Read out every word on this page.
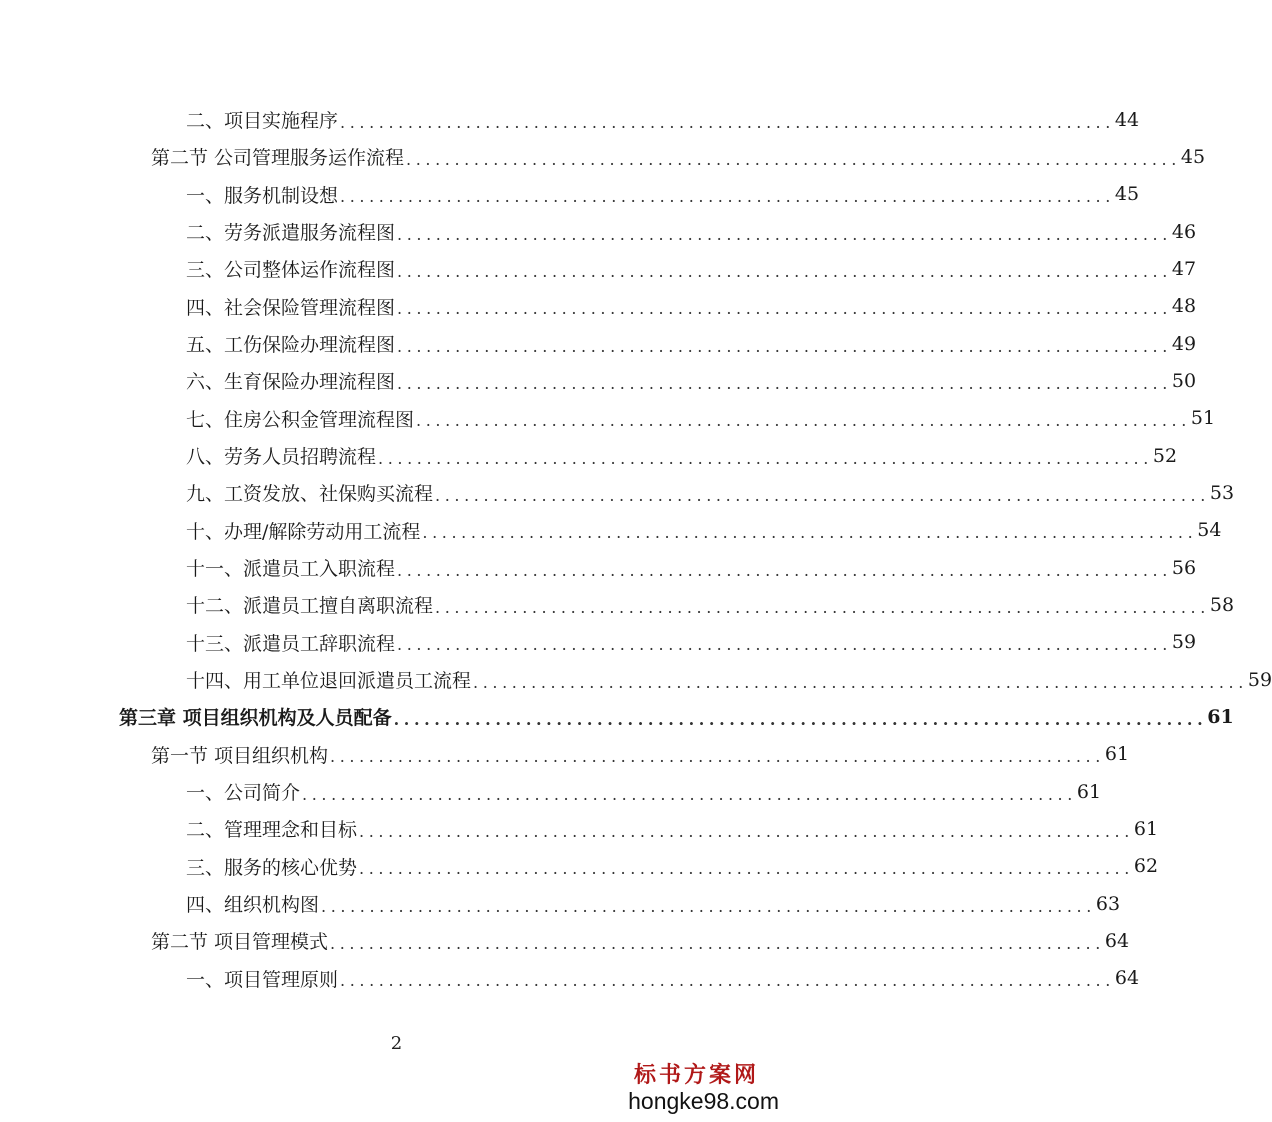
二、项目实施程序 ................................................................................ 44
第二节 公司管理服务运作流程 ................................................................................ 45
一、服务机制设想 ................................................................................ 45
二、劳务派遣服务流程图 ................................................................................ 46
三、公司整体运作流程图 ................................................................................ 47
四、社会保险管理流程图 ................................................................................ 48
五、工伤保险办理流程图 ................................................................................ 49
六、生育保险办理流程图 ................................................................................ 50
七、住房公积金管理流程图 ................................................................................ 51
八、劳务人员招聘流程 ................................................................................ 52
九、工资发放、社保购买流程 ................................................................................ 53
十、办理/解除劳动用工流程 ................................................................................ 54
十一、派遣员工入职流程 ................................................................................ 56
十二、派遣员工擅自离职流程 ................................................................................ 58
十三、派遣员工辞职流程 ................................................................................ 59
十四、用工单位退回派遣员工流程 ................................................................................ 59
第三章 项目组织机构及人员配备 ................................................................................ 61
第一节 项目组织机构 ................................................................................ 61
一、公司简介 ................................................................................ 61
二、管理理念和目标 ................................................................................ 61
三、服务的核心优势 ................................................................................ 62
四、组织机构图 ................................................................................ 63
第二节 项目管理模式 ................................................................................ 64
一、项目管理原则 ................................................................................ 64
2
标书方案网
hongke98.com
